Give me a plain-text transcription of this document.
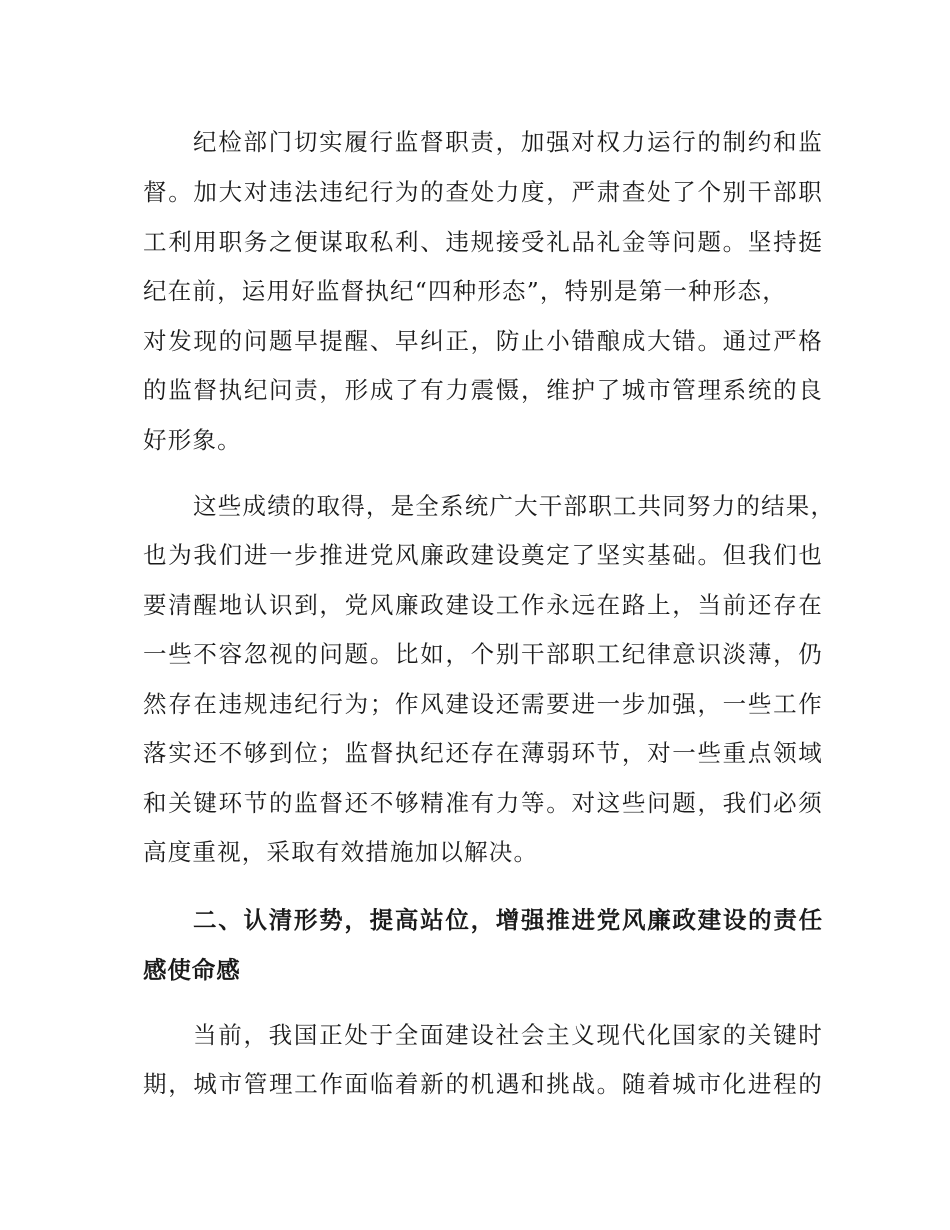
纪检部门切实履行监督职责，加强对权力运行的制约和监

督。加大对违法违纪行为的查处力度，严肃查处了个别干部职

工利用职务之便谋取私利、违规接受礼品礼金等问题。坚持挺

纪在前，运用好监督执纪“四种形态”，特别是第一种形态，

对发现的问题早提醒、早纠正，防止小错酿成大错。通过严格

的监督执纪问责，形成了有力震慑，维护了城市管理系统的良

好形象。

这些成绩的取得，是全系统广大干部职工共同努力的结果，

也为我们进一步推进党风廉政建设奠定了坚实基础。但我们也

要清醒地认识到，党风廉政建设工作永远在路上，当前还存在

一些不容忽视的问题。比如，个别干部职工纪律意识淡薄，仍

然存在违规违纪行为；作风建设还需要进一步加强，一些工作

落实还不够到位；监督执纪还存在薄弱环节，对一些重点领域

和关键环节的监督还不够精准有力等。对这些问题，我们必须

高度重视，采取有效措施加以解决。

二、认清形势，提高站位，增强推进党风廉政建设的责任

感使命感

当前，我国正处于全面建设社会主义现代化国家的关键时

期，城市管理工作面临着新的机遇和挑战。随着城市化进程的
